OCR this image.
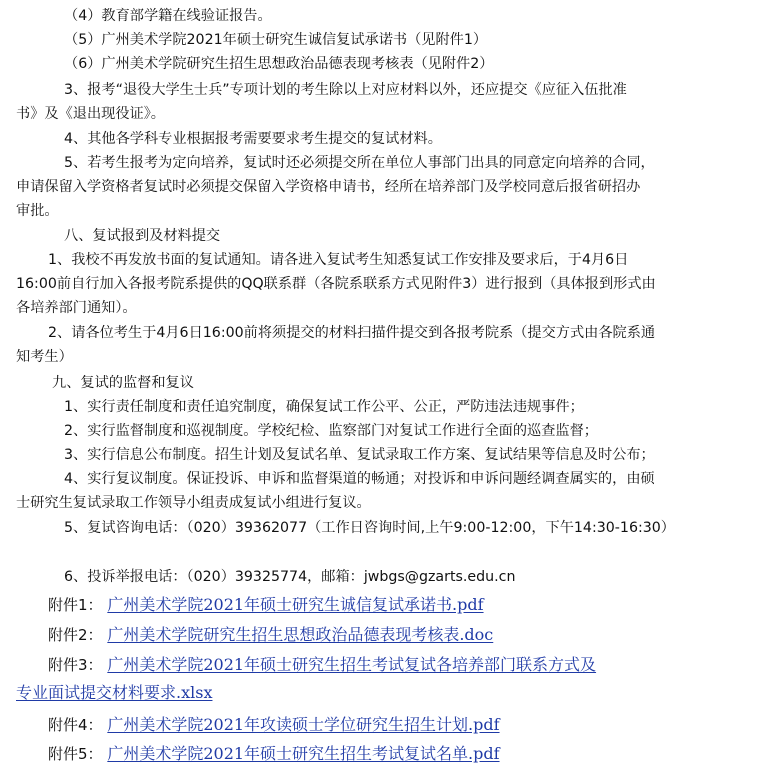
（4）教育部学籍在线验证报告。
（5）广州美术学院2021年硕士研究生诚信复试承诺书（见附件1）
（6）广州美术学院研究生招生思想政治品德表现考核表（见附件2）
3、报考“退役大学生士兵”专项计划的考生除以上对应材料以外，还应提交《应征入伍批准
书》及《退出现役证》。
4、其他各学科专业根据报考需要要求考生提交的复试材料。
5、若考生报考为定向培养，复试时还必须提交所在单位人事部门出具的同意定向培养的合同，
申请保留入学资格者复试时必须提交保留入学资格申请书，经所在培养部门及学校同意后报省研招办
审批。
八、复试报到及材料提交
1、我校不再发放书面的复试通知。请各进入复试考生知悉复试工作安排及要求后，于4月6日
16:00前自行加入各报考院系提供的QQ联系群（各院系联系方式见附件3）进行报到（具体报到形式由
各培养部门通知）。
2、请各位考生于4月6日16:00前将须提交的材料扫描件提交到各报考院系（提交方式由各院系通
知考生）
九、复试的监督和复议
1、实行责任制度和责任追究制度，确保复试工作公平、公正，严防违法违规事件；
2、实行监督制度和巡视制度。学校纪检、监察部门对复试工作进行全面的巡查监督；
3、实行信息公布制度。招生计划及复试名单、复试录取工作方案、复试结果等信息及时公布；
4、实行复议制度。保证投诉、申诉和监督渠道的畅通；对投诉和申诉问题经调查属实的，由硕
士研究生复试录取工作领导小组责成复试小组进行复议。
5、复试咨询电话：（020）39362077（工作日咨询时间,上午9:00-12:00，下午14:30-16:30）
6、投诉举报电话：（020）39325774，邮箱：jwbgs@gzarts.edu.cn
附件1： 广州美术学院2021年硕士研究生诚信复试承诺书.pdf
附件2： 广州美术学院研究生招生思想政治品德表现考核表.doc
附件3： 广州美术学院2021年硕士研究生招生考试复试各培养部门联系方式及
专业面试提交材料要求.xlsx
附件4： 广州美术学院2021年攻读硕士学位研究生招生计划.pdf
附件5： 广州美术学院2021年硕士研究生招生考试复试名单.pdf
